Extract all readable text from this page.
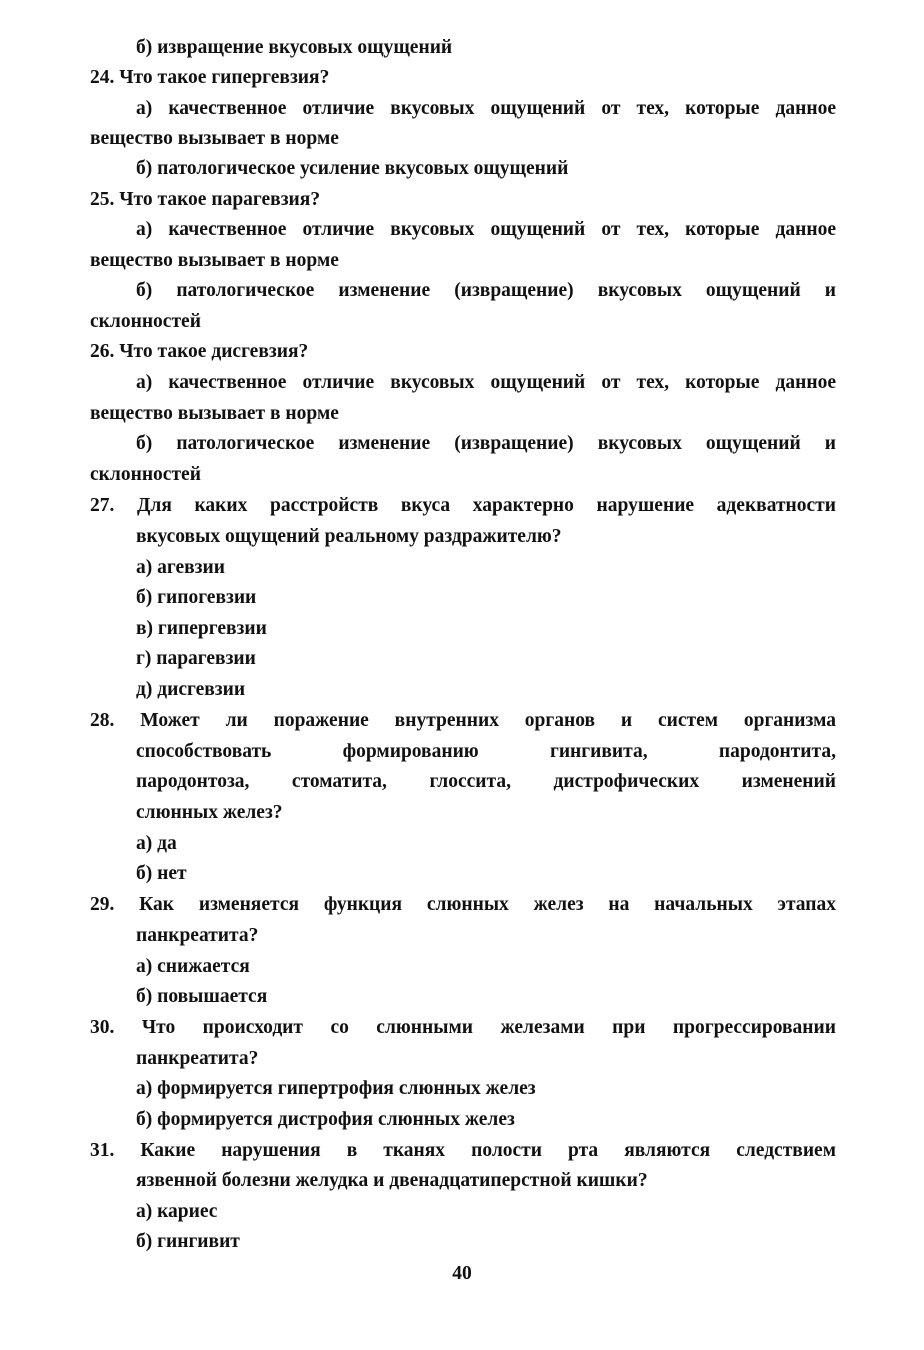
б) извращение вкусовых ощущений
24. Что такое гипергевзия?
а) качественное отличие вкусовых ощущений от тех, которые данное
вещество вызывает в норме
б) патологическое усиление вкусовых ощущений
25. Что такое парагевзия?
а) качественное отличие вкусовых ощущений от тех, которые данное
вещество вызывает в норме
б) патологическое изменение (извращение) вкусовых ощущений и
склонностей
26. Что такое дисгевзия?
а) качественное отличие вкусовых ощущений от тех, которые данное
вещество вызывает в норме
б) патологическое изменение (извращение) вкусовых ощущений и
склонностей
27. Для каких расстройств вкуса характерно нарушение адекватности
вкусовых ощущений реальному раздражителю?
а) агевзии
б) гипогевзии
в) гипергевзии
г) парагевзии
д) дисгевзии
28. Может ли поражение внутренних органов и систем организма
способствовать формированию гингивита, пародонтита,
пародонтоза, стоматита, глоссита, дистрофических изменений
слюнных желез?
а) да
б) нет
29. Как изменяется функция слюнных желез на начальных этапах
панкреатита?
а) снижается
б) повышается
30. Что происходит со слюнными железами при прогрессировании
панкреатита?
а) формируется гипертрофия слюнных желез
б) формируется дистрофия слюнных желез
31. Какие нарушения в тканях полости рта являются следствием
язвенной болезни желудка и двенадцатиперстной кишки?
а) кариес
б) гингивит
40
